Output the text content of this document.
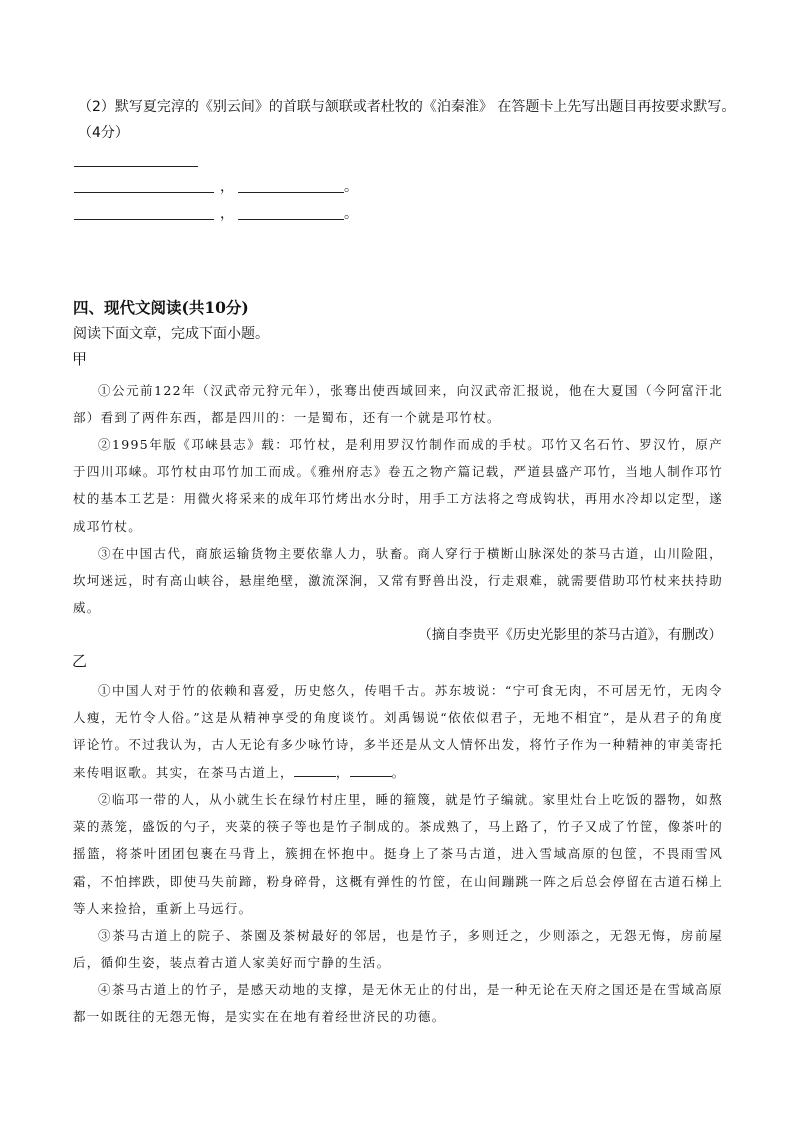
（2）默写夏完淳的《别云间》的首联与颔联或者杜牧的《泊秦淮》 在答题卡上先写出题目再按要求默写。
（4分）
，	。
，	。
四、现代文阅读(共10分)
阅读下面文章，完成下面小题。
甲
①公元前122年（汉武帝元狩元年），张骞出使西域回来，向汉武帝汇报说，他在大夏国（今阿富汗北部）看到了两件东西，都是四川的：一是蜀布，还有一个就是邛竹杖。
②1995年版《邛崃县志》载：邛竹杖，是利用罗汉竹制作而成的手杖。邛竹又名石竹、罗汉竹，原产于四川邛崃。邛竹杖由邛竹加工而成。《雅州府志》卷五之物产篇记载，严道县盛产邛竹，当地人制作邛竹杖的基本工艺是：用微火将采来的成年邛竹烤出水分时，用手工方法将之弯成钩状，再用水冷却以定型，遂成邛竹杖。
③在中国古代，商旅运输货物主要依靠人力，驮畜。商人穿行于横断山脉深处的茶马古道，山川险阻，坎坷迷远，时有高山峡谷，悬崖绝壁，激流深涧，又常有野兽出没，行走艰难，就需要借助邛竹杖来扶持助威。
（摘自李贵平《历史光影里的茶马古道》，有删改）
乙
①中国人对于竹的依赖和喜爱，历史悠久，传唱千古。苏东坡说：“宁可食无肉，不可居无竹，无肉令人瘦，无竹令人俗。”这是从精神享受的角度谈竹。刘禹锡说“依依似君子，无地不相宜”，是从君子的角度评论竹。不过我认为，古人无论有多少咏竹诗，多半还是从文人情怀出发，将竹子作为一种精神的审美寄托来传唱讴歌。其实，在茶马古道上，	，	。
②临邛一带的人，从小就生长在绿竹村庄里，睡的箍篾，就是竹子编就。家里灶台上吃饭的器物，如熬菜的蒸笼，盛饭的勺子，夹菜的筷子等也是竹子制成的。茶成熟了，马上路了，竹子又成了竹筐，像茶叶的摇篮，将茶叶团团包裹在马背上，簇拥在怀抱中。挺身上了茶马古道，进入雪域高原的包筐，不畏雨雪风霜，不怕摔跌，即使马失前蹄，粉身碎骨，这概有弹性的竹筐，在山间蹦跳一阵之后总会停留在古道石梯上等人来捡拾，重新上马远行。
③茶马古道上的院子、茶園及茶树最好的邻居，也是竹子，多则迁之，少则添之，无怨无悔，房前屋后，循仰生姿，装点着古道人家美好而宁静的生活。
④茶马古道上的竹子，是感天动地的支撑，是无休无止的付出，是一种无论在天府之国还是在雪域高原都一如既往的无怨无悔，是实实在在地有着经世济民的功德。
